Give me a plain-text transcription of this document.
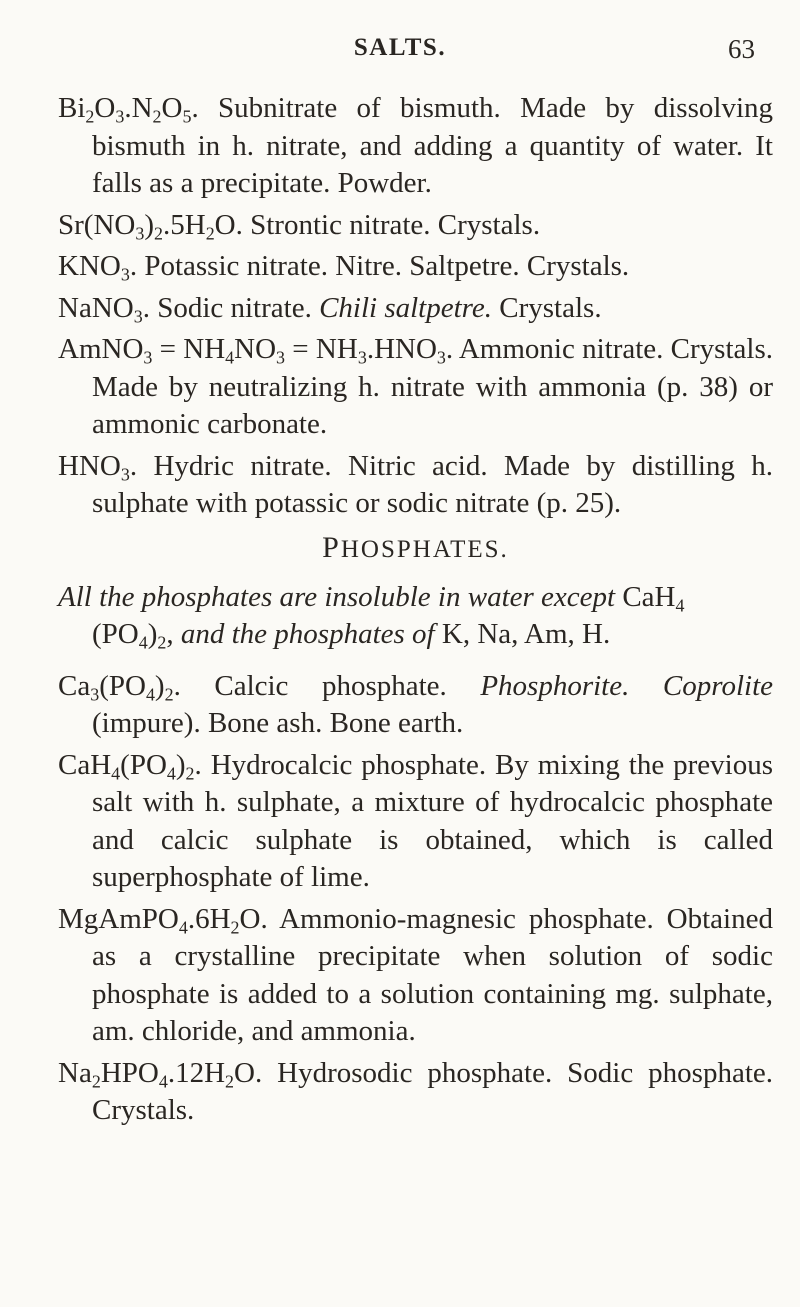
SALTS.	63

$Bi_2O_3.N_2O_5$. Subnitrate of bismuth. Made by dissolving bismuth in h. nitrate, and adding a quantity of water. It falls as a precipitate. Powder.

$Sr(NO_3)_2.5H_2O$. Strontic nitrate. Crystals.

$KNO_3$. Potassic nitrate. Nitre. Saltpetre. Crystals.

NaNO$_3$. Sodic nitrate. Chili saltpetre. Crystals.

AmNO$_3$ = $NH_4NO_3 = NH_3.HNO_3$. Ammonic nitrate. Crystals. Made by neutralizing h. nitrate with ammonia (p. 38) or ammonic carbonate.

$HNO_3$. Hydric nitrate. Nitric acid. Made by distilling h. sulphate with potassic or sodic nitrate (p. 25).

PHOSPHATES.

All the phosphates are insoluble in water except CaH$_4$ $(PO_4)_2$, and the phosphates of K, Na, Am, H.

$Ca_3(PO_4)_2$. Calcic phosphate. Phosphorite. Coprolite (impure). Bone ash. Bone earth.

$CaH_4(PO_4)_2$. Hydrocalcic phosphate. By mixing the previous salt with h. sulphate, a mixture of hydrocalcic phosphate and calcic sulphate is obtained, which is called superphosphate of lime.

$MgAmPO_4.6H_2O$. Ammonio-magnesic phosphate. Obtained as a crystalline precipitate when solution of sodic phosphate is added to a solution containing mg. sulphate, am. chloride, and ammonia.

$Na_2HPO_4.12H_2O$. Hydrosodic phosphate. Sodic phosphate. Crystals.
